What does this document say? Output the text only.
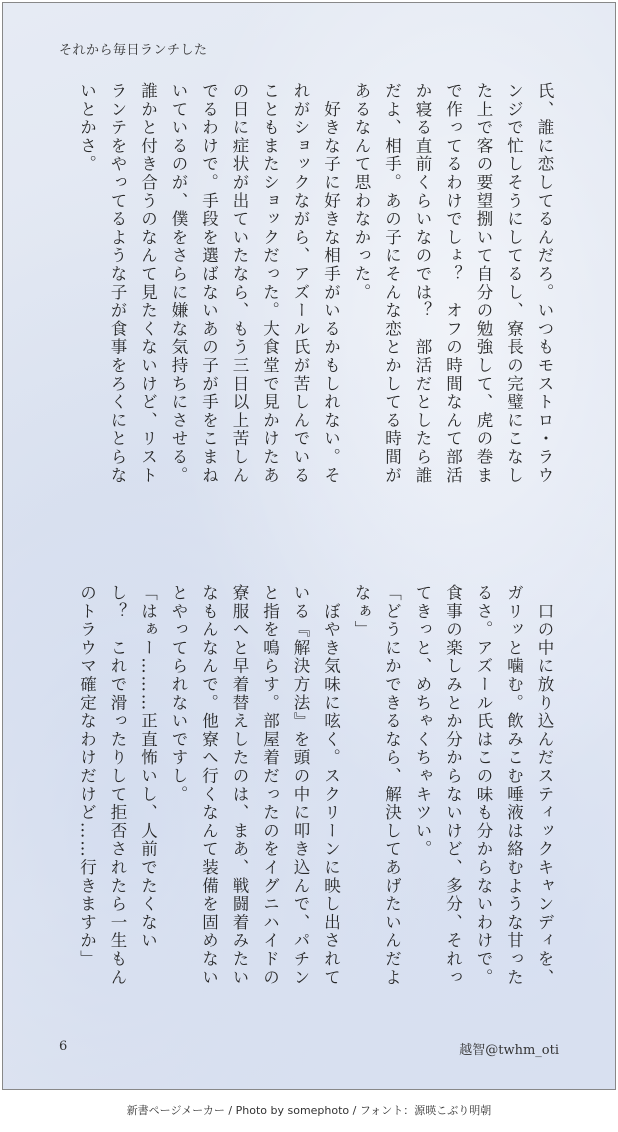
それから毎日ランチした
氏、誰に恋してるんだろ。いつもモストロ・ラウ
ンジで忙しそうにしてるし、寮長の完璧にこなし
た上で客の要望捌いて自分の勉強して、虎の巻ま
で作ってるわけでしょ？　オフの時間なんて部活
か寝る直前くらいなのでは？　部活だとしたら誰
だよ、相手。あの子にそんな恋とかしてる時間が
あるなんて思わなかった。
　好きな子に好きな相手がいるかもしれない。そ
れがショックながら、アズール氏が苦しんでいる
こともまたショックだった。大食堂で見かけたあ
の日に症状が出ていたなら、もう三日以上苦しん
でるわけで。手段を選ばないあの子が手をこまね
いているのが、僕をさらに嫌な気持ちにさせる。
誰かと付き合うのなんて見たくないけど、リスト
ランテをやってるような子が食事をろくにとらな
いとかさ。
　口の中に放り込んだスティックキャンディを、
ガリッと噛む。飲みこむ唾液は絡むような甘った
るさ。アズール氏はこの味も分からないわけで。
食事の楽しみとか分からないけど、多分、それっ
てきっと、めちゃくちゃキツい。
「どうにかできるなら、解決してあげたいんだよ
なぁ」
　ぼやき気味に呟く。スクリーンに映し出されて
いる『解決方法』を頭の中に叩き込んで、パチン
と指を鳴らす。部屋着だったのをイグニハイドの
寮服へと早着替えしたのは、まあ、戦闘着みたい
なもんなんで。他寮へ行くなんて装備を固めない
とやってられないですし。
「はぁー………正直怖いし、人前でたくない
し？　これで滑ったりして拒否されたら一生もん
のトラウマ確定なわけだけど……行きますか」
6	越智@twhm_oti
新書ページメーカー / Photo by somephoto / フォント：源暎こぶり明朝
